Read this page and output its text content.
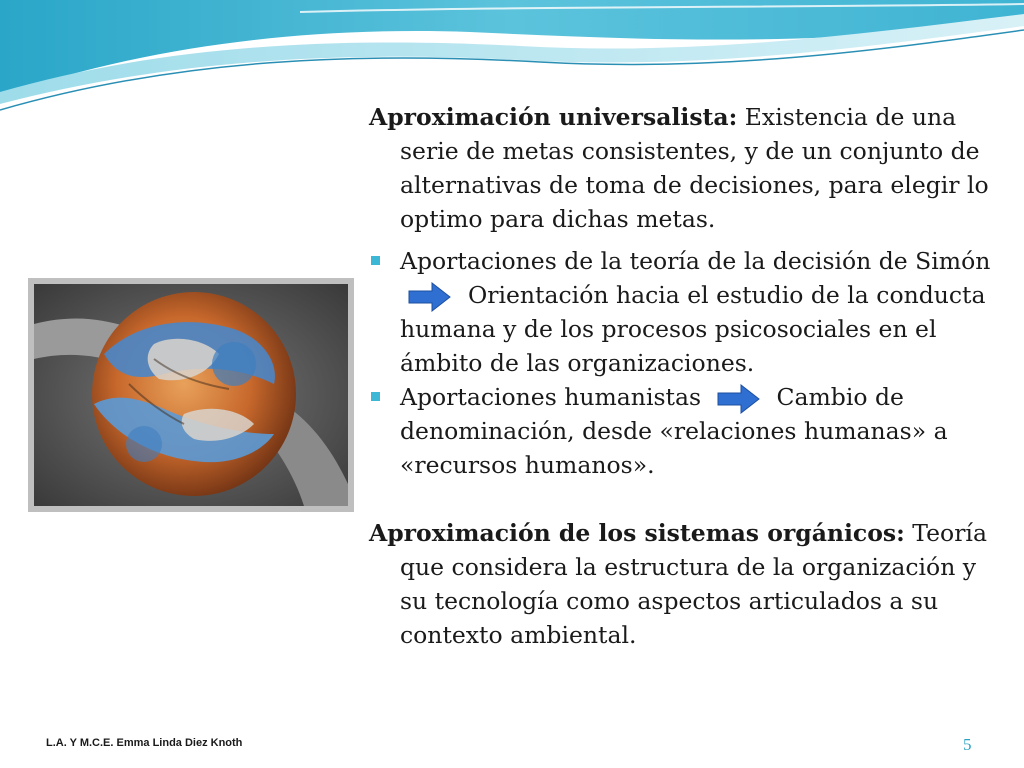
Aproximación universalista: Existencia de una serie de metas consistentes, y de un conjunto de alternativas de toma de decisiones, para elegir lo optimo para dichas metas.

Aportaciones de la teoría de la decisión de Simón Orientación hacia el estudio de la conducta humana y de los procesos psicosociales en el ámbito de las organizaciones.

Aportaciones humanistas	Cambio de denominación, desde «relaciones humanas» a «recursos humanos».

Aproximación de los sistemas orgánicos: Teoría que considera la estructura de la organización y su tecnología como aspectos articulados a su contexto ambiental.

L.A. Y M.C.E. Emma Linda Diez Knoth	5
